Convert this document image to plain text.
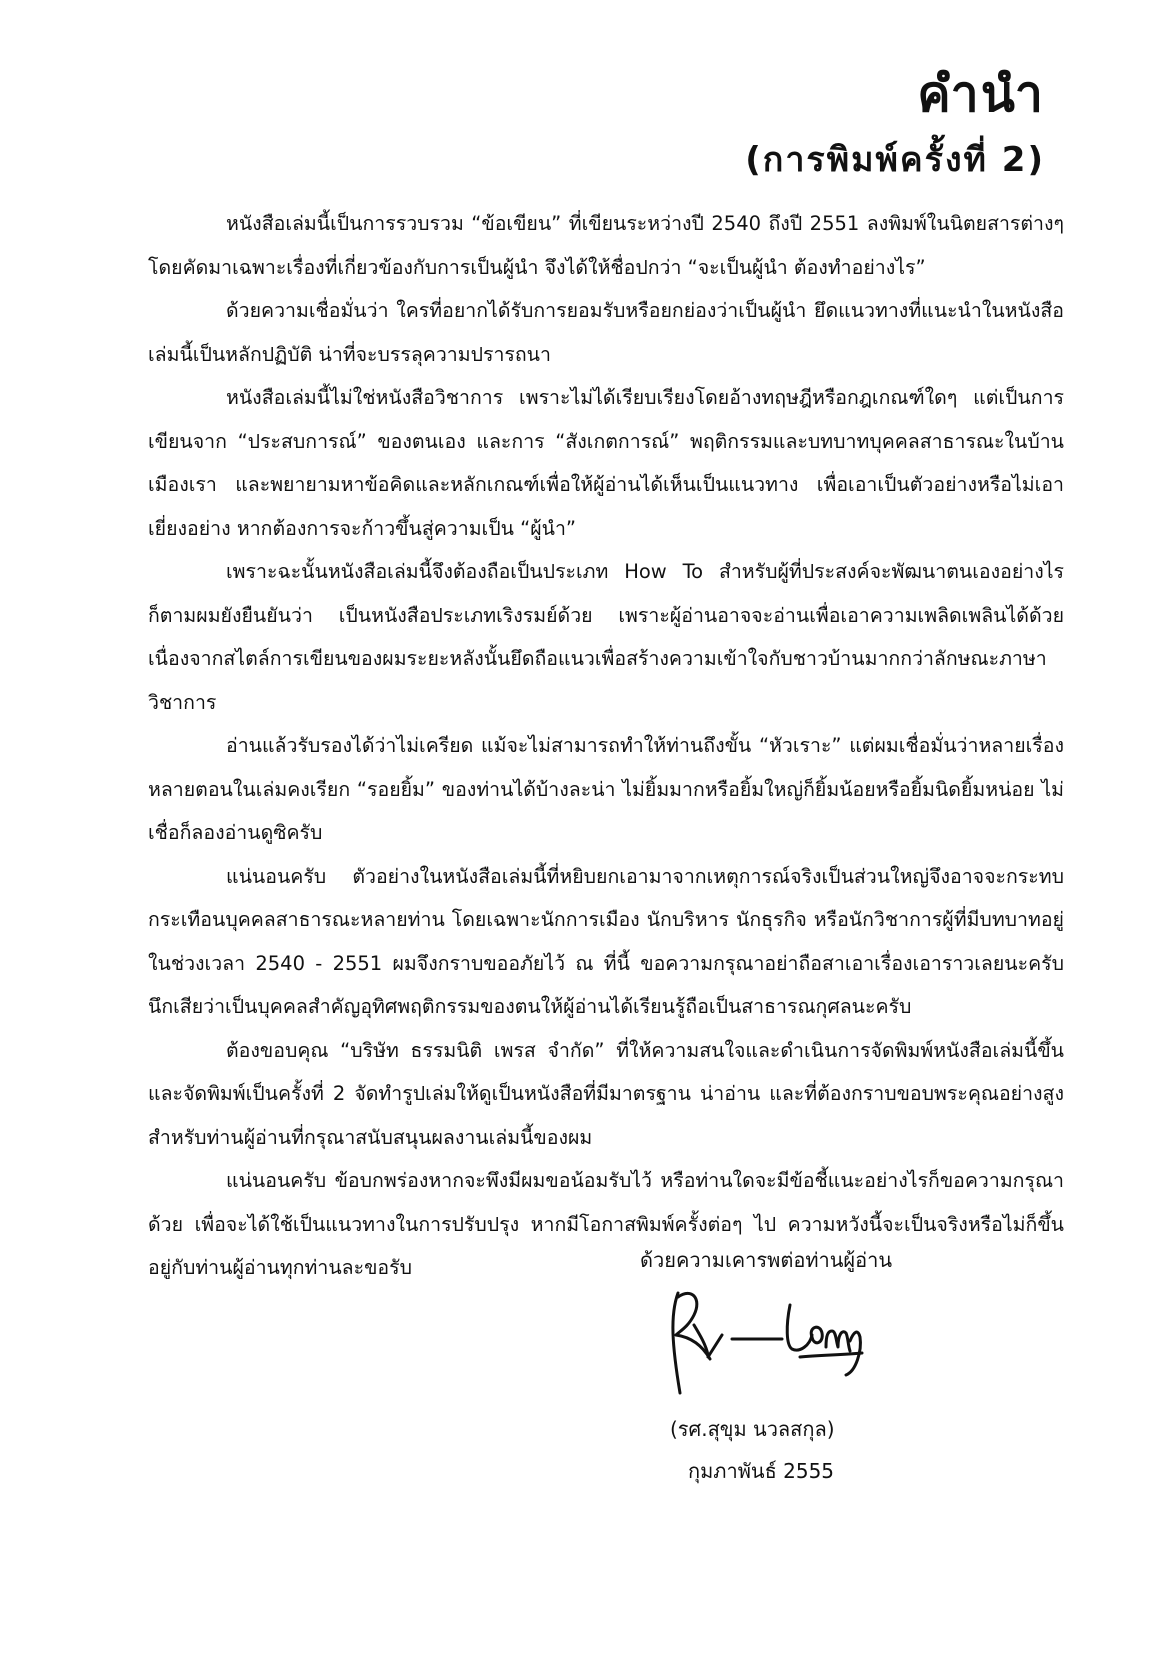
คำนำ
(การพิมพ์ครั้งที่ 2)

หนังสือเล่มนี้เป็นการรวบรวม “ข้อเขียน” ที่เขียนระหว่างปี 2540 ถึงปี 2551 ลงพิมพ์ในนิตยสารต่างๆ โดยคัดมาเฉพาะเรื่องที่เกี่ยวข้องกับการเป็นผู้นำ จึงได้ให้ชื่อปกว่า “จะเป็นผู้นำ ต้องทำอย่างไร”

ด้วยความเชื่อมั่นว่า ใครที่อยากได้รับการยอมรับหรือยกย่องว่าเป็นผู้นำ ยึดแนวทางที่แนะนำในหนังสือเล่มนี้เป็นหลักปฏิบัติ น่าที่จะบรรลุความปรารถนา

หนังสือเล่มนี้ไม่ใช่หนังสือวิชาการ เพราะไม่ได้เรียบเรียงโดยอ้างทฤษฎีหรือกฎเกณฑ์ใดๆ แต่เป็นการเขียนจาก “ประสบการณ์” ของตนเอง และการ “สังเกตการณ์” พฤติกรรมและบทบาทบุคคลสาธารณะในบ้านเมืองเรา และพยายามหาข้อคิดและหลักเกณฑ์เพื่อให้ผู้อ่านได้เห็นเป็นแนวทาง เพื่อเอาเป็นตัวอย่างหรือไม่เอาเยี่ยงอย่าง หากต้องการจะก้าวขึ้นสู่ความเป็น “ผู้นำ”

เพราะฉะนั้นหนังสือเล่มนี้จึงต้องถือเป็นประเภท How To สำหรับผู้ที่ประสงค์จะพัฒนาตนเองอย่างไรก็ตามผมยังยืนยันว่า เป็นหนังสือประเภทเริงรมย์ด้วย เพราะผู้อ่านอาจจะอ่านเพื่อเอาความเพลิดเพลินได้ด้วย เนื่องจากสไตล์การเขียนของผมระยะหลังนั้นยึดถือแนวเพื่อสร้างความเข้าใจกับชาวบ้านมากกว่าลักษณะภาษาวิชาการ

อ่านแล้วรับรองได้ว่าไม่เครียด แม้จะไม่สามารถทำให้ท่านถึงขั้น “หัวเราะ” แต่ผมเชื่อมั่นว่าหลายเรื่องหลายตอนในเล่มคงเรียก “รอยยิ้ม” ของท่านได้บ้างละน่า ไม่ยิ้มมากหรือยิ้มใหญ่ก็ยิ้มน้อยหรือยิ้มนิดยิ้มหน่อย ไม่เชื่อก็ลองอ่านดูซิครับ

แน่นอนครับ ตัวอย่างในหนังสือเล่มนี้ที่หยิบยกเอามาจากเหตุการณ์จริงเป็นส่วนใหญ่จึงอาจจะกระทบกระเทือนบุคคลสาธารณะหลายท่าน โดยเฉพาะนักการเมือง นักบริหาร นักธุรกิจ หรือนักวิชาการผู้ที่มีบทบาทอยู่ในช่วงเวลา 2540 - 2551 ผมจึงกราบขออภัยไว้ ณ ที่นี้ ขอความกรุณาอย่าถือสาเอาเรื่องเอาราวเลยนะครับ นึกเสียว่าเป็นบุคคลสำคัญอุทิศพฤติกรรมของตนให้ผู้อ่านได้เรียนรู้ถือเป็นสาธารณกุศลนะครับ

ต้องขอบคุณ “บริษัท ธรรมนิติ เพรส จำกัด” ที่ให้ความสนใจและดำเนินการจัดพิมพ์หนังสือเล่มนี้ขึ้น และจัดพิมพ์เป็นครั้งที่ 2 จัดทำรูปเล่มให้ดูเป็นหนังสือที่มีมาตรฐาน น่าอ่าน และที่ต้องกราบขอบพระคุณอย่างสูงสำหรับท่านผู้อ่านที่กรุณาสนับสนุนผลงานเล่มนี้ของผม

แน่นอนครับ ข้อบกพร่องหากจะพึงมีผมขอน้อมรับไว้ หรือท่านใดจะมีข้อชี้แนะอย่างไรก็ขอความกรุณาด้วย เพื่อจะได้ใช้เป็นแนวทางในการปรับปรุง หากมีโอกาสพิมพ์ครั้งต่อๆ ไป ความหวังนี้จะเป็นจริงหรือไม่ก็ขึ้นอยู่กับท่านผู้อ่านทุกท่านละขอรับ	ด้วยความเคารพต่อท่านผู้อ่าน
(รศ.สุขุม นวลสกุล)
กุมภาพันธ์ 2555
